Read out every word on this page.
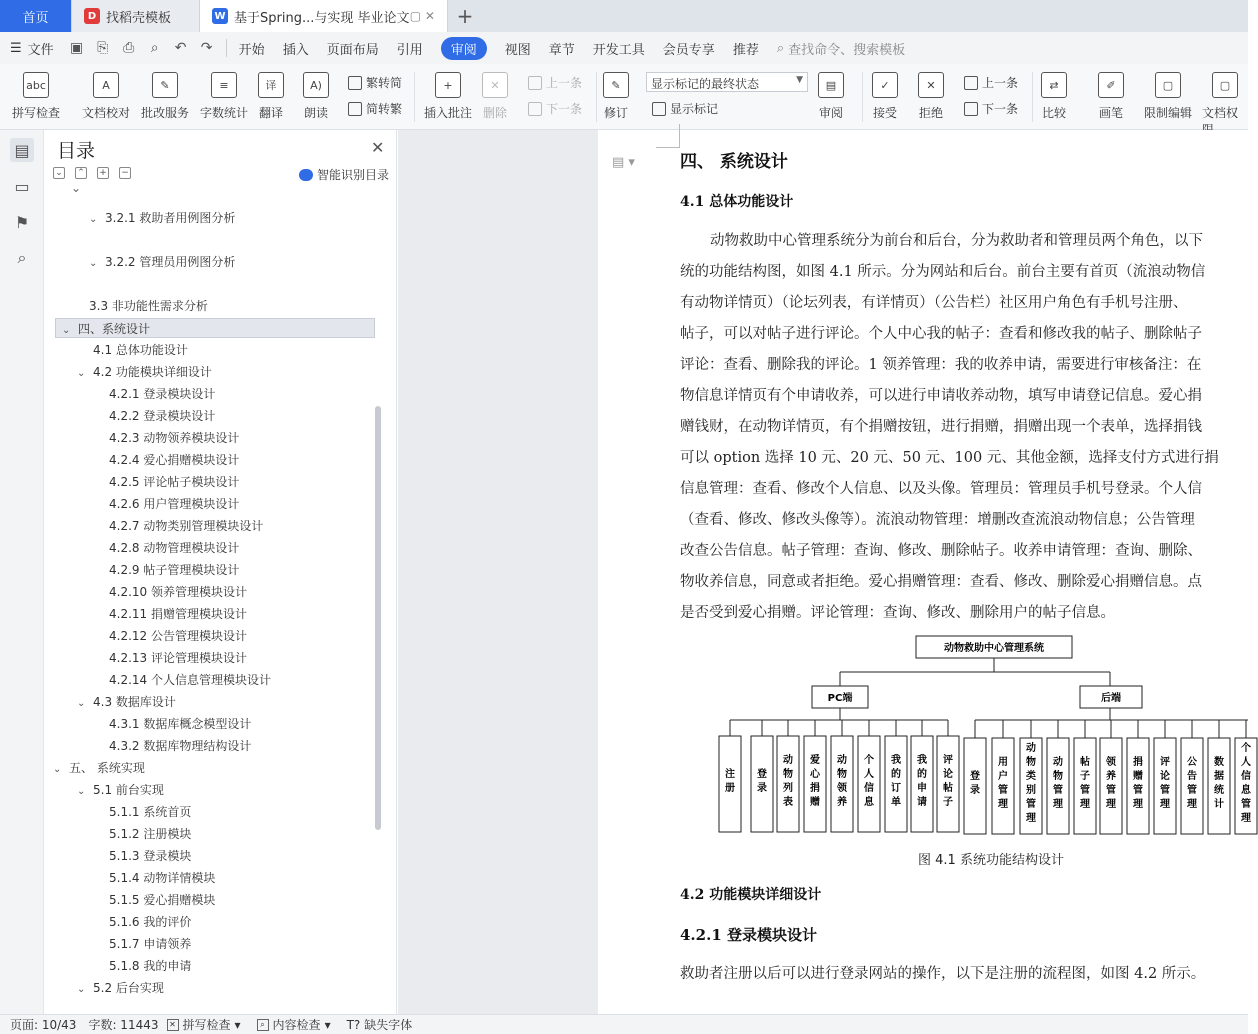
首页	D 找稻壳模板	W 基于Spring...与实现 毕业论文 ▢ ✕	+
☰ 文件 ▣ ⎘ ⎙	⌕	↶ ↷ 开始 插入 页面布局 引用	审阅	视图 章节 开发工具 会员专享 推荐 ⌕ 查找命令、搜索模板
abc
拼写检查
A
文档校对
✎
批改服务
≡
字数统计
译
翻译
A)
朗读
繁转简
简转繁
+
插入批注
✕
删除
上一条
下一条
✎
修订	显示标记
▤
审阅
✓
接受
✕
拒绝
上一条
下一条
⇄
比较
✐
画笔
▢
限制编辑
▢
文档权
显示标记的最终状态	▼
▤
▭
⚑
⌕
目录	✕
⌄ ⌃ + −	智能识别目录
⌄ 3.2.1 救助者用例图分析
⌄ 3.2.2 管理员用例图分析
3.3 非功能性需求分析
⌄ 四、系统设计
4.1 总体功能设计
⌄ 4.2 功能模块详细设计
4.2.1 登录模块设计
4.2.2 登录模块设计
4.2.3 动物领养模块设计
4.2.4 爱心捐赠模块设计
4.2.5 评论帖子模块设计
4.2.6 用户管理模块设计
4.2.7 动物类别管理模块设计
4.2.8 动物管理模块设计
4.2.9 帖子管理模块设计
4.2.10 领养管理模块设计
4.2.11 捐赠管理模块设计
4.2.12 公告管理模块设计
4.2.13 评论管理模块设计
4.2.14 个人信息管理模块设计
⌄ 4.3 数据库设计
4.3.1 数据库概念模型设计
4.3.2 数据库物理结构设计
⌄ 五、 系统实现
⌄ 5.1 前台实现
5.1.1 系统首页
5.1.2 注册模块
5.1.3 登录模块
5.1.4 动物详情模块
5.1.5 爱心捐赠模块
5.1.6 我的评价
5.1.7 申请领养
5.1.8 我的申请
⌄ 5.2 后台实现
⌄
▤ ▾	四、 系统设计
4.1 总体功能设计
动物救助中心管理系统分为前台和后台，分为救助者和管理员两个角色，以下
统的功能结构图，如图 4.1 所示。分为网站和后台。前台主要有首页（流浪动物信
有动物详情页）（论坛列表，有详情页）（公告栏）社区用户角色有手机号注册、
帖子，可以对帖子进行评论。个人中心我的帖子：查看和修改我的帖子、删除帖子
评论：查看、删除我的评论。1 领养管理：我的收养申请，需要进行审核备注：在
物信息详情页有个申请收养，可以进行申请收养动物，填写申请登记信息。爱心捐
赠钱财，在动物详情页，有个捐赠按钮，进行捐赠，捐赠出现一个表单，选择捐钱
可以 option 选择 10 元、20 元、50 元、100 元、其他金额，选择支付方式进行捐
信息管理：查看、修改个人信息、以及头像。管理员：管理员手机号登录。个人信
（查看、修改、修改头像等）。流浪动物管理：增删改查流浪动物信息；公告管理
改查公告信息。帖子管理：查询、修改、删除帖子。收养申请管理：查询、删除、
物收养信息，同意或者拒绝。爱心捐赠管理：查看、修改、删除爱心捐赠信息。点
是否受到爱心捐赠。评论管理：查询、修改、删除用户的帖子信息。
动物救助中心管理系统
PC端	后端
注册
登录
动物列表
爱心捐赠
动物领养
个人信息
我的订单
我的申请
评论帖子
登录
用户管理
动物类别管理
动物管理
帖子管理
领养管理
捐赠管理
评论管理
公告管理
数据统计
个人信息管理
图 4.1 系统功能结构设计
4.2 功能模块详细设计
4.2.1 登录模块设计
救助者注册以后可以进行登录网站的操作，以下是注册的流程图，如图 4.2 所示。
页面: 10/43 字数: 11443	✕ 拼写检查 ▾	⌕ 内容检查 ▾ T? 缺失字体
